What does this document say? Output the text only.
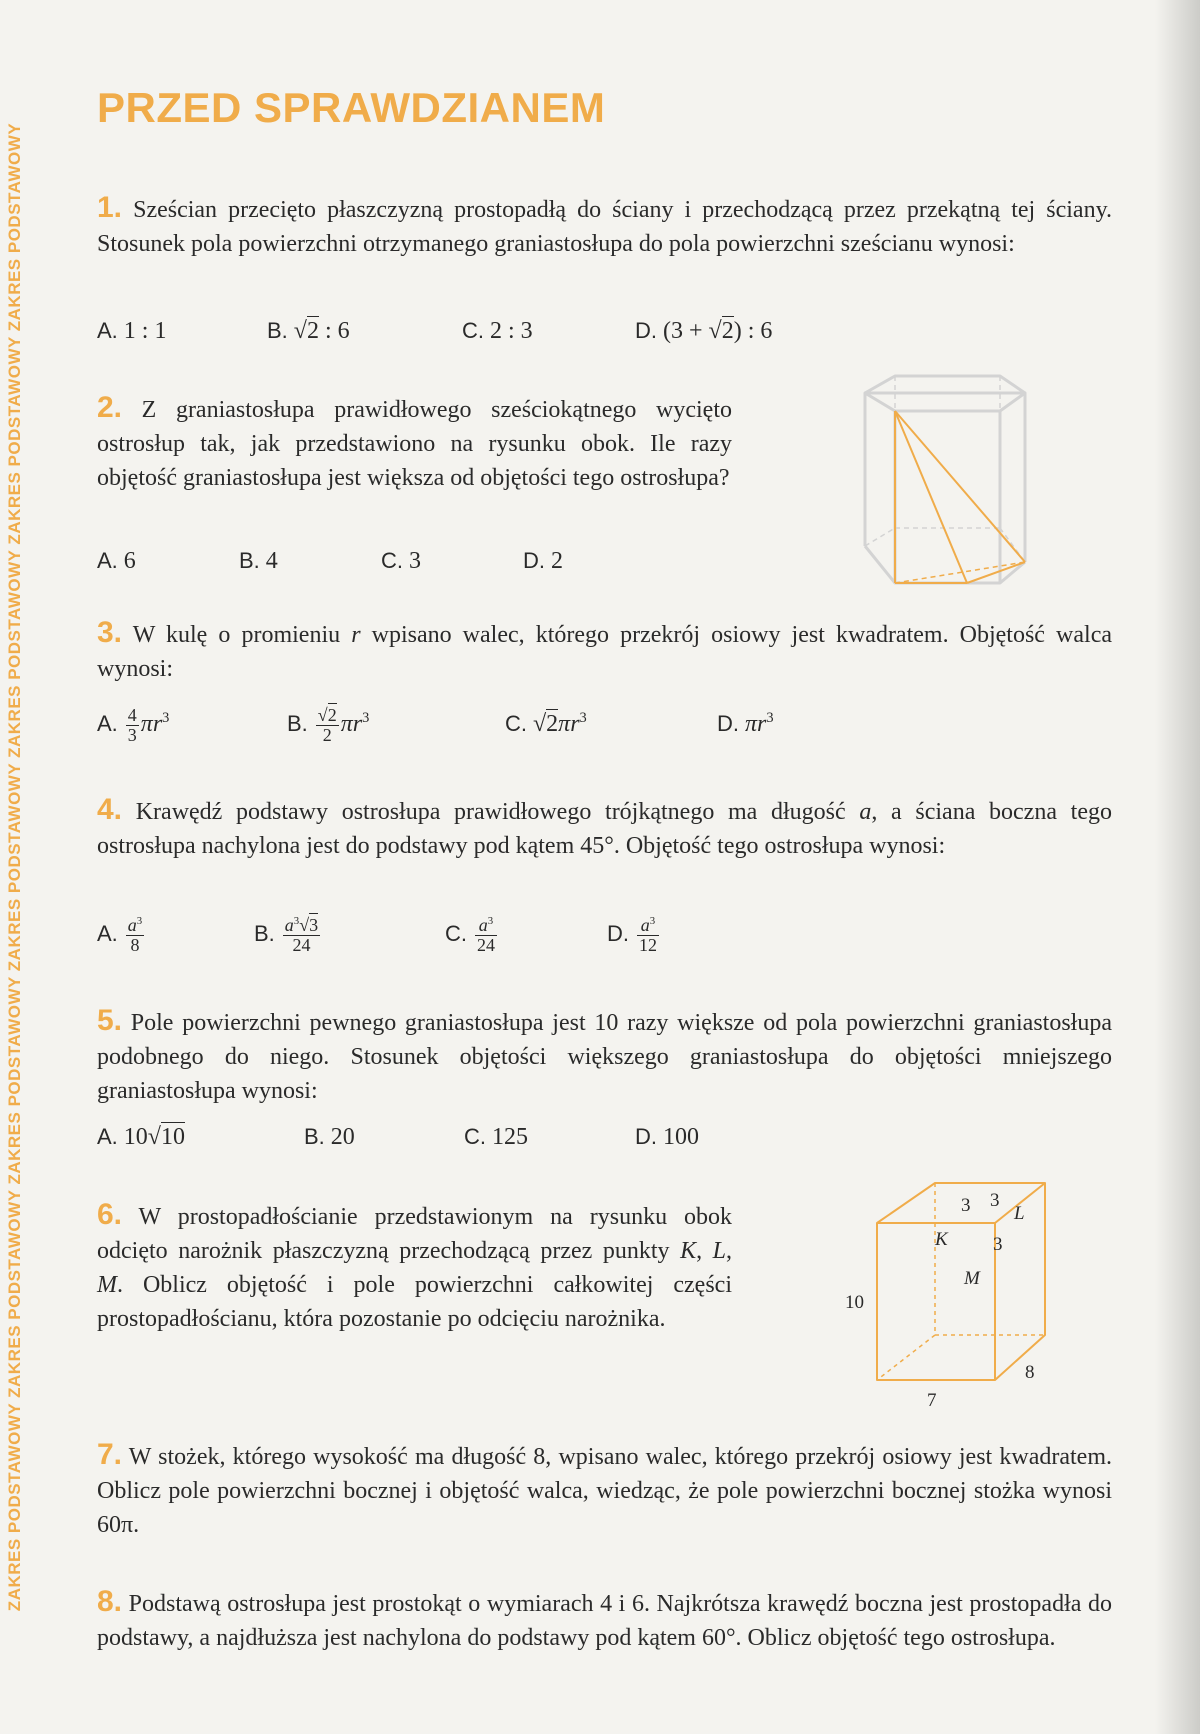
ZAKRES PODSTAWOWY ZAKRES PODSTAWOWY ZAKRES PODSTAWOWY ZAKRES PODSTAWOWY ZAKRES PODSTAWOWY ZAKRES PODSTAWOWY ZAKRES PODSTAWOWY
PRZED SPRAWDZIANEM
1. Sześcian przecięto płaszczyzną prostopadłą do ściany i przechodzącą przez przekątną tej ściany. Stosunek pola powierzchni otrzymanego graniastosłupa do pola powierzchni sześcianu wynosi:
A. 1 : 1	B. √2 : 6	C. 2 : 3	D. (3 + √2) : 6
2. Z graniastosłupa prawidłowego sześciokątnego wycięto ostrosłup tak, jak przedstawiono na rysunku obok. Ile razy objętość graniastosłupa jest większa od objętości tego ostrosłupa?
A. 6	B. 4	C. 3	D. 2
3. W kulę o promieniu r wpisano walec, którego przekrój osiowy jest kwadratem. Objętość walca wynosi:
A. $\frac{4}{3} \pi r^3$	B. $\frac{√2}{2} \pi r^3$	C. $√2\pi r^3$	D. $\pi r^3$
4. Krawędź podstawy ostrosłupa prawidłowego trójkątnego ma długość a, a ściana boczna tego ostrosłupa nachylona jest do podstawy pod kątem 45°. Objętość tego ostrosłupa wynosi:
A. $\frac{a^3}{8}$	B. $\frac{a^3√3}{24}$	C. $\frac{a^3}{24}$	D. $\frac{a^3}{12}$
5. Pole powierzchni pewnego graniastosłupa jest 10 razy większe od pola powierzchni graniastosłupa podobnego do niego. Stosunek objętości większego graniastosłupa do objętości mniejszego graniastosłupa wynosi:
A. 10√10	B. 20	C. 125	D. 100
6. W prostopadłościanie przedstawionym na rysunku obok odcięto narożnik płaszczyzną przechodzącą przez punkty K, L, M. Oblicz objętość i pole powierzchni całkowitej części prostopadłościanu, która pozostanie po odcięciu narożnika.
3 3
L
K 3
M
10
8
7
7. W stożek, którego wysokość ma długość 8, wpisano walec, którego przekrój osiowy jest kwadratem. Oblicz pole powierzchni bocznej i objętość walca, wiedząc, że pole powierzchni bocznej stożka wynosi 60π.
8. Podstawą ostrosłupa jest prostokąt o wymiarach 4 i 6. Najkrótsza krawędź boczna jest prostopadła do podstawy, a najdłuższa jest nachylona do podstawy pod kątem 60°. Oblicz objętość tego ostrosłupa.
